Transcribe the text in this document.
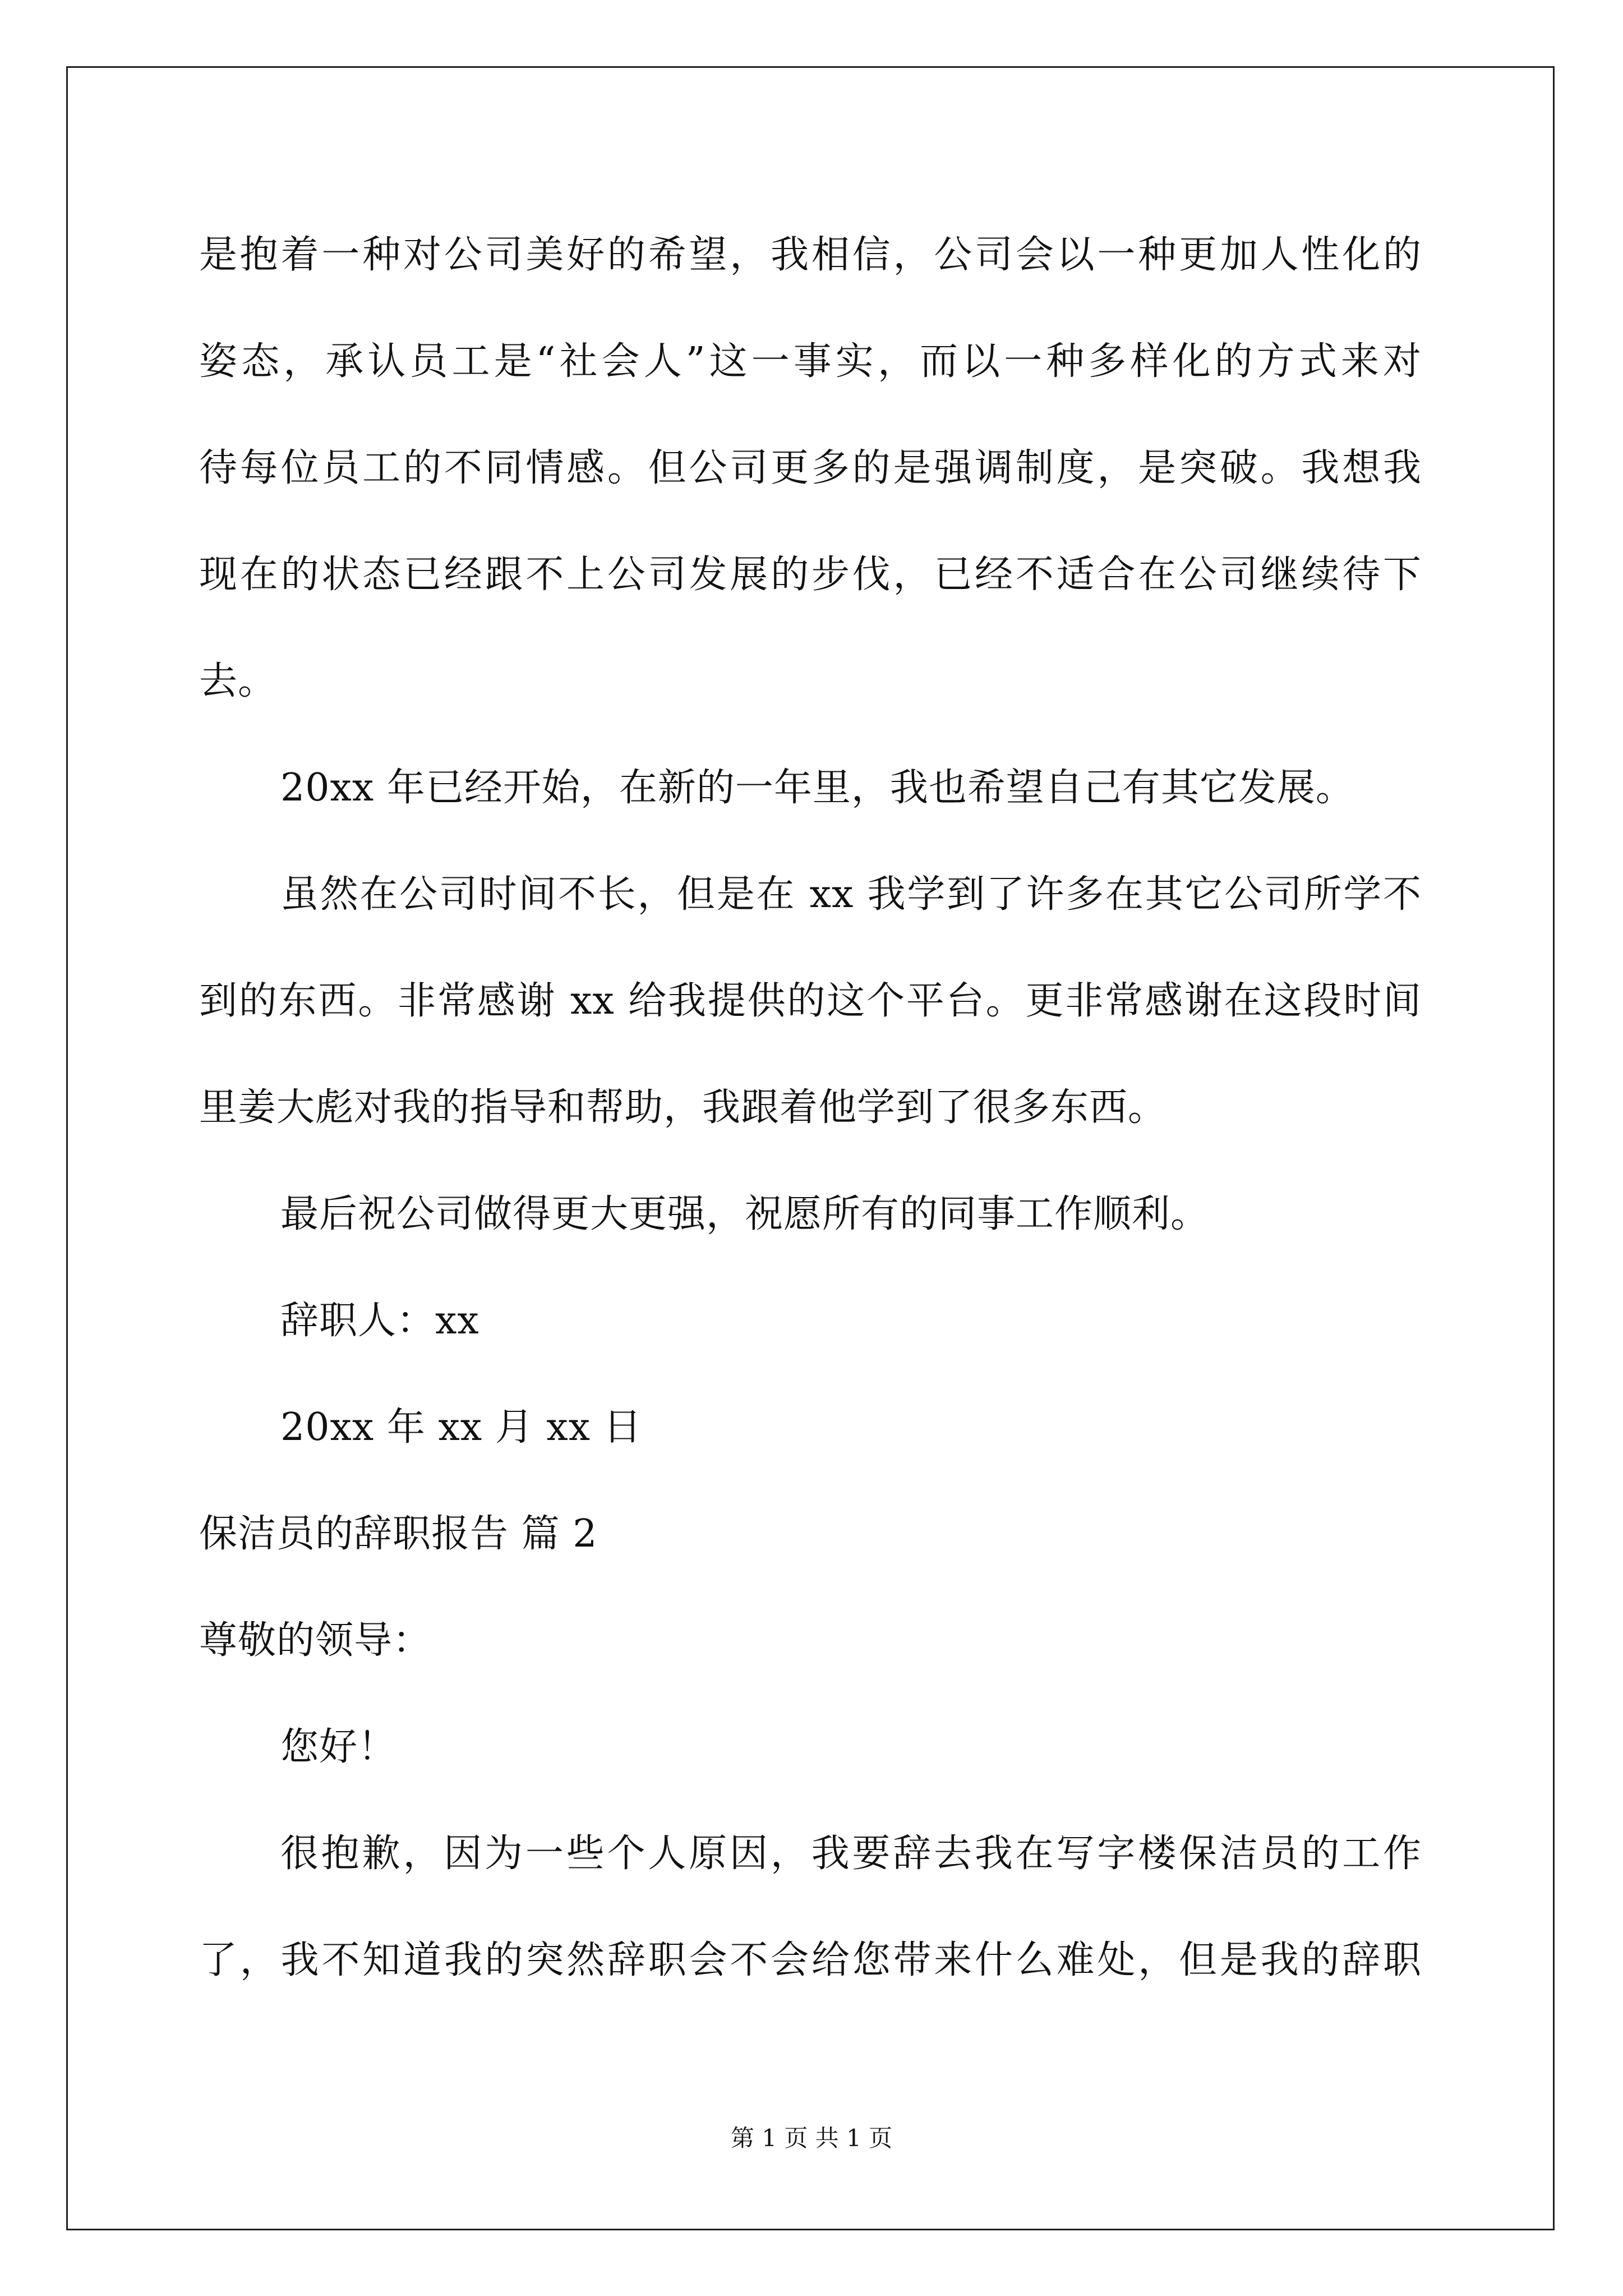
是抱着一种对公司美好的希望，我相信，公司会以一种更加人性化的

姿态，承认员工是“社会人”这一事实，而以一种多样化的方式来对

待每位员工的不同情感。但公司更多的是强调制度，是突破。我想我

现在的状态已经跟不上公司发展的步伐，已经不适合在公司继续待下

去。

20xx 年已经开始，在新的一年里，我也希望自己有其它发展。

虽然在公司时间不长，但是在 xx 我学到了许多在其它公司所学不

到的东西。非常感谢 xx 给我提供的这个平台。更非常感谢在这段时间

里姜大彪对我的指导和帮助，我跟着他学到了很多东西。

最后祝公司做得更大更强，祝愿所有的同事工作顺利。

辞职人：xx

20xx 年 xx 月 xx 日

保洁员的辞职报告 篇 2

尊敬的领导：

您好！

很抱歉，因为一些个人原因，我要辞去我在写字楼保洁员的工作

了，我不知道我的突然辞职会不会给您带来什么难处，但是我的辞职

第 1 页 共 1 页
